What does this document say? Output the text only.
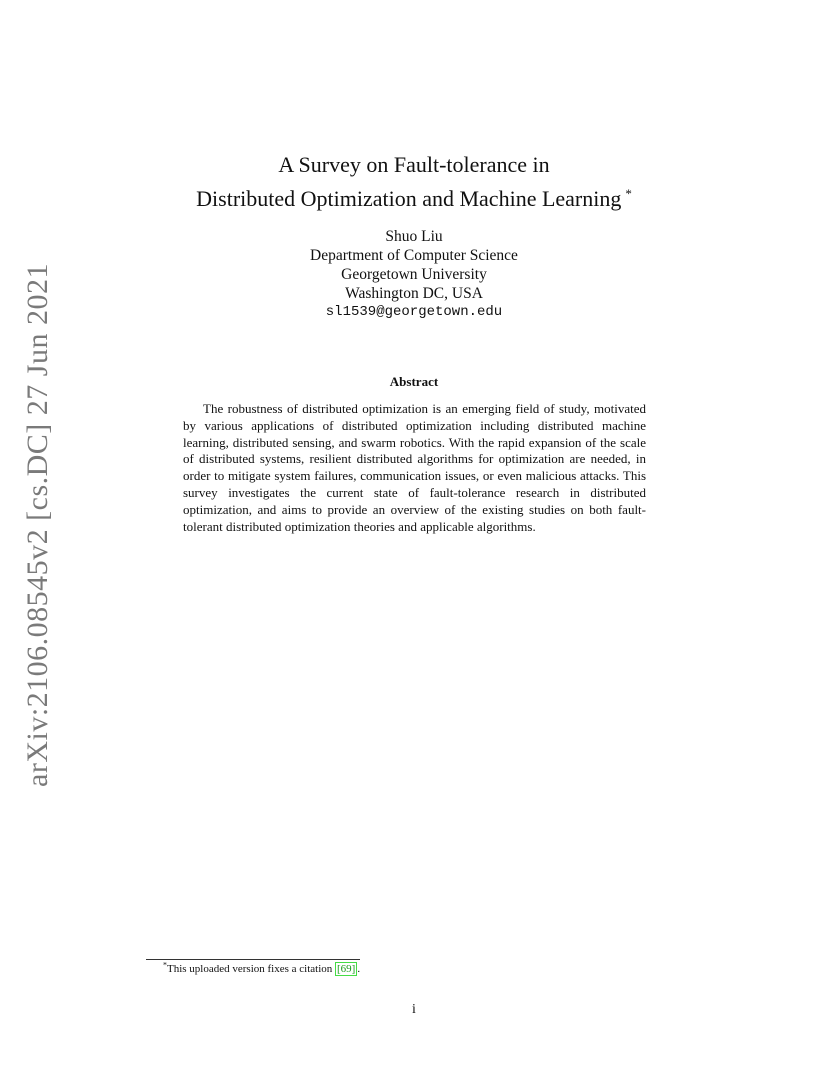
arXiv:2106.08545v2 [cs.DC] 27 Jun 2021
A Survey on Fault-tolerance in
Distributed Optimization and Machine Learning *
Shuo Liu
Department of Computer Science
Georgetown University
Washington DC, USA
sl1539@georgetown.edu
Abstract

The robustness of distributed optimization is an emerging field of study, motivated by various applications of distributed optimization including distributed machine learning, distributed sensing, and swarm robotics. With the rapid expansion of the scale of distributed systems, resilient distributed algorithms for optimization are needed, in order to mitigate system failures, communication issues, or even malicious attacks. This survey investigates the current state of fault-tolerance research in distributed optimization, and aims to provide an overview of the existing studies on both fault-tolerant distributed optimization theories and applicable algorithms.

*This uploaded version fixes a citation [69] .
i
